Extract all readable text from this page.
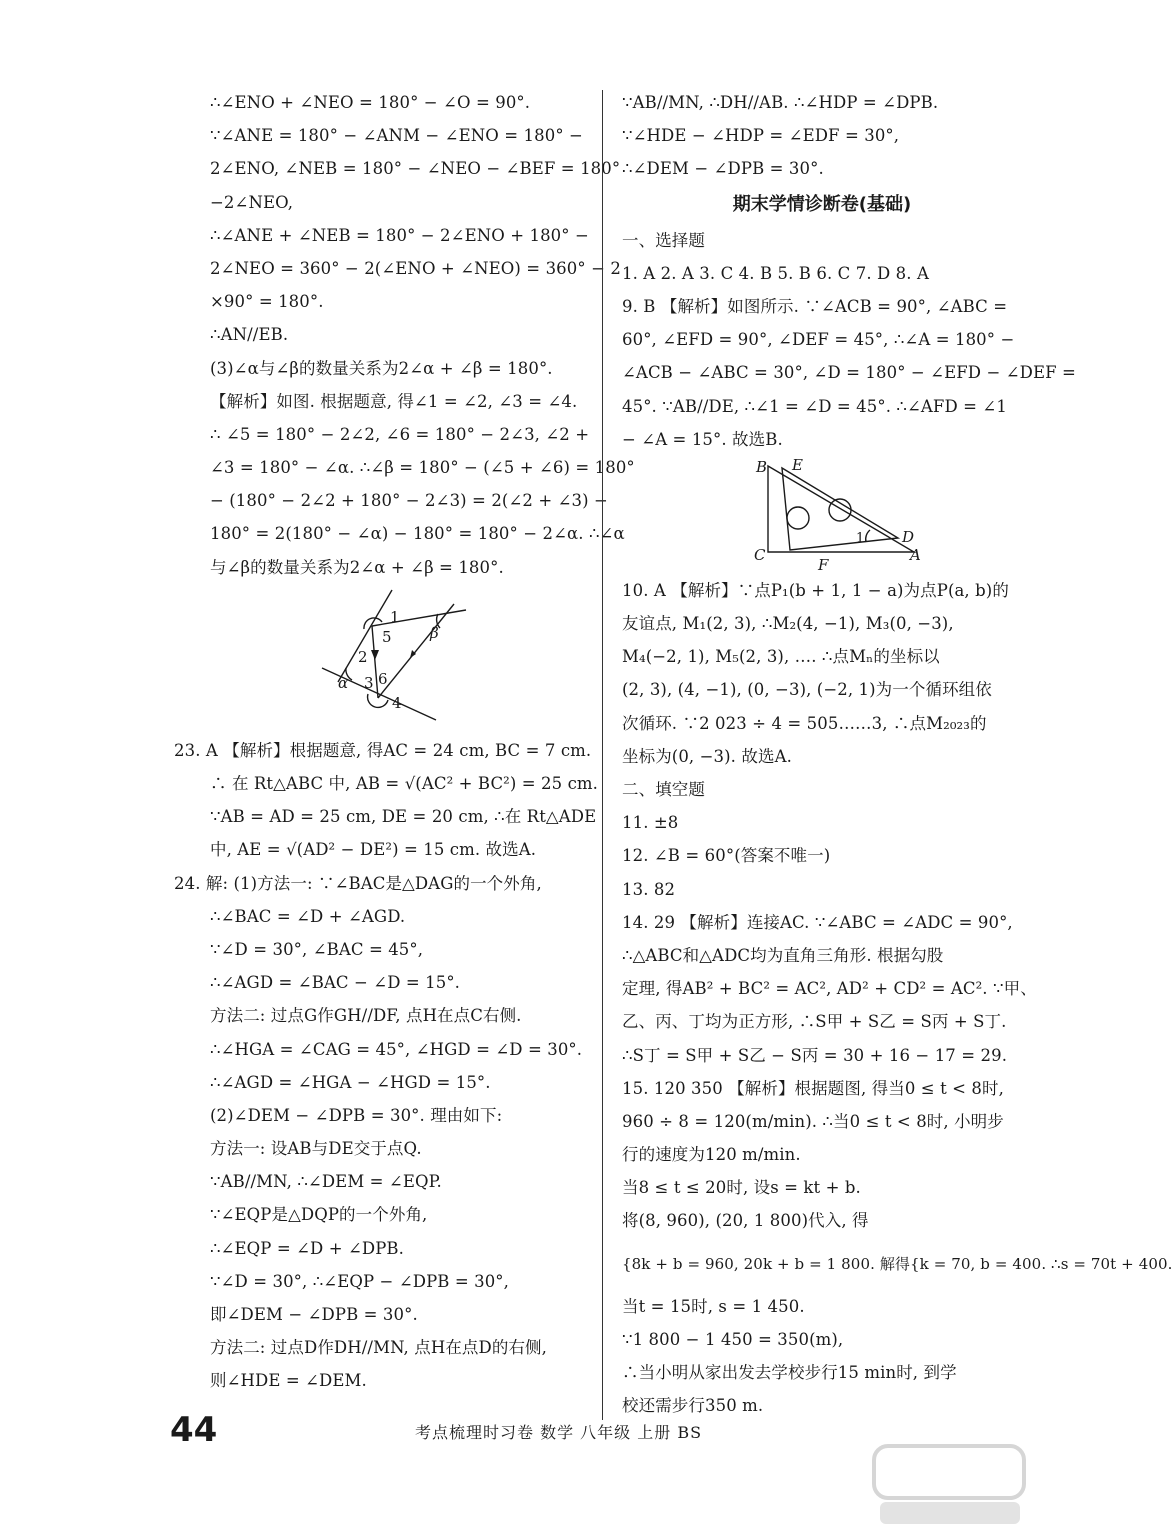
∴∠ENO + ∠NEO = 180° − ∠O = 90°.
∵∠ANE = 180° − ∠ANM − ∠ENO = 180° −
2∠ENO, ∠NEB = 180° − ∠NEO − ∠BEF = 180°
−2∠NEO,
∴∠ANE + ∠NEB = 180° − 2∠ENO + 180° −
2∠NEO = 360° − 2(∠ENO + ∠NEO) = 360° − 2
×90° = 180°.
∴AN//EB.
(3)∠α与∠β的数量关系为2∠α + ∠β = 180°.
【解析】如图. 根据题意, 得∠1 = ∠2, ∠3 = ∠4.
∴ ∠5 = 180° − 2∠2, ∠6 = 180° − 2∠3, ∠2 +
∠3 = 180° − ∠α. ∴∠β = 180° − (∠5 + ∠6) = 180°
− (180° − 2∠2 + 180° − 2∠3) = 2(∠2 + ∠3) −
180° = 2(180° − ∠α) − 180° = 180° − 2∠α. ∴∠α
与∠β的数量关系为2∠α + ∠β = 180°.
1
β
5
2
3 6
α
4
23. A 【解析】根据题意, 得AC = 24 cm, BC = 7 cm.
∴ 在 Rt△ABC 中, AB = √(AC² + BC²) = 25 cm.
∵AB = AD = 25 cm, DE = 20 cm, ∴在 Rt△ADE
中, AE = √(AD² − DE²) = 15 cm. 故选A.
24. 解: (1)方法一: ∵∠BAC是△DAG的一个外角,
∴∠BAC = ∠D + ∠AGD.
∵∠D = 30°, ∠BAC = 45°,
∴∠AGD = ∠BAC − ∠D = 15°.
方法二: 过点G作GH//DF, 点H在点C右侧.
∴∠HGA = ∠CAG = 45°, ∠HGD = ∠D = 30°.
∴∠AGD = ∠HGA − ∠HGD = 15°.
(2)∠DEM − ∠DPB = 30°. 理由如下:
方法一: 设AB与DE交于点Q.
∵AB//MN, ∴∠DEM = ∠EQP.
∵∠EQP是△DQP的一个外角,
∴∠EQP = ∠D + ∠DPB.
∵∠D = 30°, ∴∠EQP − ∠DPB = 30°,
即∠DEM − ∠DPB = 30°.
方法二: 过点D作DH//MN, 点H在点D的右侧,
则∠HDE = ∠DEM.
∵AB//MN, ∴DH//AB. ∴∠HDP = ∠DPB.
∵∠HDE − ∠HDP = ∠EDF = 30°,
∴∠DEM − ∠DPB = 30°.
期末学情诊断卷(基础)
一、选择题
1. A 2. A 3. C 4. B 5. B 6. C 7. D 8. A
9. B 【解析】如图所示. ∵∠ACB = 90°, ∠ABC =
60°, ∠EFD = 90°, ∠DEF = 45°, ∴∠A = 180° −
∠ACB − ∠ABC = 30°, ∠D = 180° − ∠EFD − ∠DEF =
45°. ∵AB//DE, ∴∠1 = ∠D = 45°. ∴∠AFD = ∠1
− ∠A = 15°. 故选B.
B E
C
F
D
A
1
10. A 【解析】∵点P₁(b + 1, 1 − a)为点P(a, b)的
友谊点, M₁(2, 3), ∴M₂(4, −1), M₃(0, −3),
M₄(−2, 1), M₅(2, 3), …. ∴点Mₙ的坐标以
(2, 3), (4, −1), (0, −3), (−2, 1)为一个循环组依
次循环. ∵2 023 ÷ 4 = 505……3, ∴点M₂₀₂₃的
坐标为(0, −3). 故选A.
二、填空题
11. ±8
12. ∠B = 60°(答案不唯一)
13. 82
14. 29 【解析】连接AC. ∵∠ABC = ∠ADC = 90°,
∴△ABC和△ADC均为直角三角形. 根据勾股
定理, 得AB² + BC² = AC², AD² + CD² = AC². ∵甲、
乙、丙、丁均为正方形, ∴S甲 + S乙 = S丙 + S丁.
∴S丁 = S甲 + S乙 − S丙 = 30 + 16 − 17 = 29.
15. 120 350 【解析】根据题图, 得当0 ≤ t < 8时,
960 ÷ 8 = 120(m/min). ∴当0 ≤ t < 8时, 小明步
行的速度为120 m/min.
当8 ≤ t ≤ 20时, 设s = kt + b.
将(8, 960), (20, 1 800)代入, 得
{8k + b = 960, 20k + b = 1 800. 解得{k = 70, b = 400. ∴s = 70t + 400.
当t = 15时, s = 1 450.
∵1 800 − 1 450 = 350(m),
∴当小明从家出发去学校步行15 min时, 到学
校还需步行350 m.
44	考点梳理时习卷 数学 八年级 上册 BS
